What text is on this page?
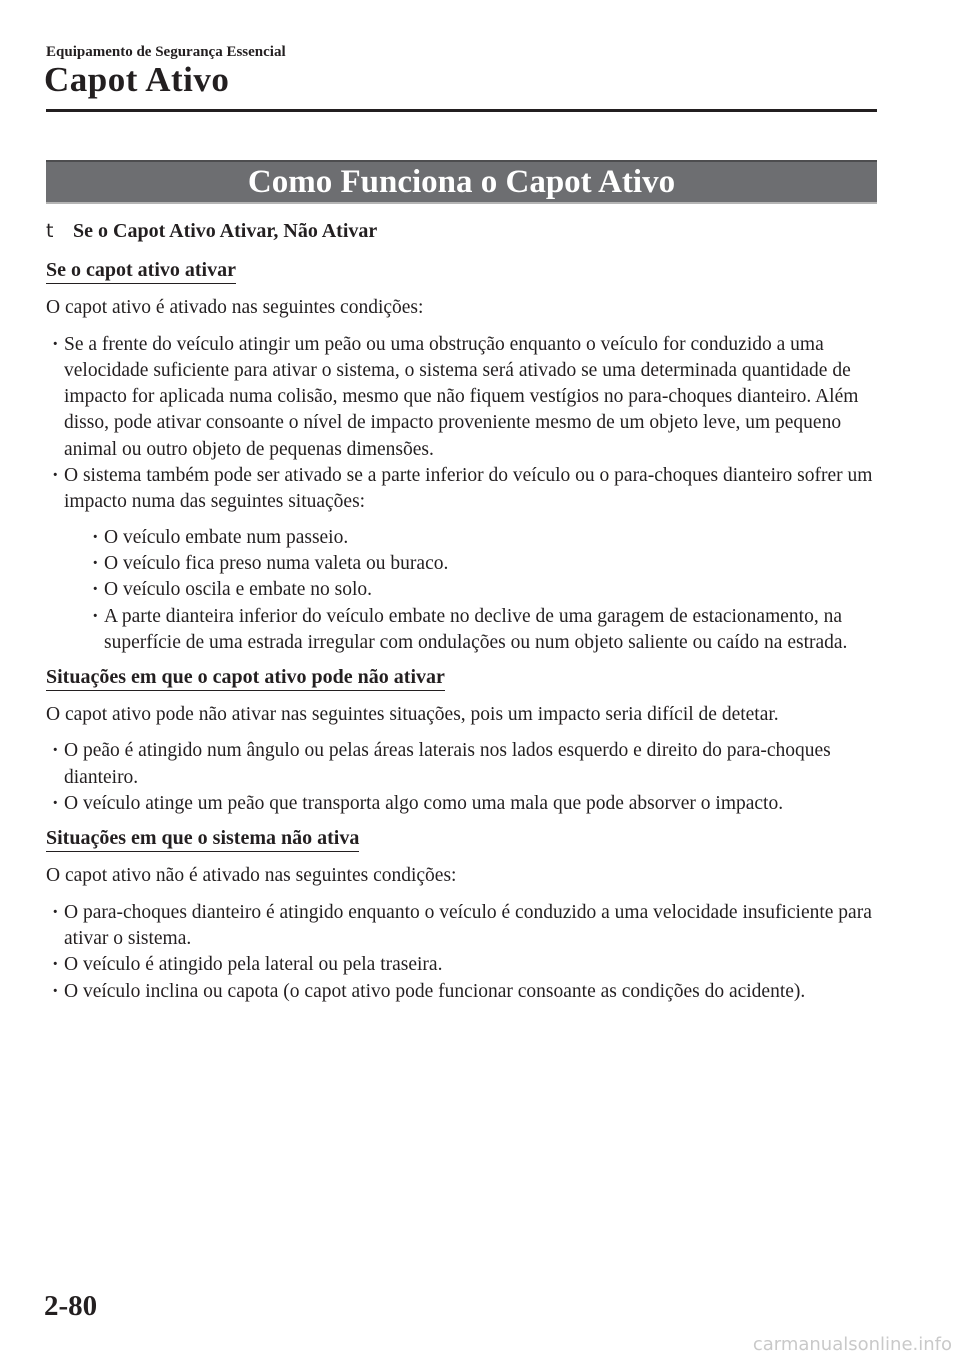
Equipamento de Segurança Essencial
Capot Ativo
Como Funciona o Capot Ativo
t Se o Capot Ativo Ativar, Não Ativar
Se o capot ativo ativar

O capot ativo é ativado nas seguintes condições:

· Se a frente do veículo atingir um peão ou uma obstrução enquanto o veículo for conduzido a uma velocidade suficiente para ativar o sistema, o sistema será ativado se uma determinada quantidade de impacto for aplicada numa colisão, mesmo que não fiquem vestígios no para-choques dianteiro. Além disso, pode ativar consoante o nível de impacto proveniente mesmo de um objeto leve, um pequeno animal ou outro objeto de pequenas dimensões.
· O sistema também pode ser ativado se a parte inferior do veículo ou o para-choques dianteiro sofrer um impacto numa das seguintes situações:
· O veículo embate num passeio.
· O veículo fica preso numa valeta ou buraco.
· O veículo oscila e embate no solo.
· A parte dianteira inferior do veículo embate no declive de uma garagem de estacionamento, na superfície de uma estrada irregular com ondulações ou num objeto saliente ou caído na estrada.
Situações em que o capot ativo pode não ativar

O capot ativo pode não ativar nas seguintes situações, pois um impacto seria difícil de detetar.

· O peão é atingido num ângulo ou pelas áreas laterais nos lados esquerdo e direito do para-choques dianteiro.
· O veículo atinge um peão que transporta algo como uma mala que pode absorver o impacto.
Situações em que o sistema não ativa

O capot ativo não é ativado nas seguintes condições:

· O para-choques dianteiro é atingido enquanto o veículo é conduzido a uma velocidade insuficiente para ativar o sistema.
· O veículo é atingido pela lateral ou pela traseira.
· O veículo inclina ou capota (o capot ativo pode funcionar consoante as condições do acidente).
2-80
carmanualsonline.info
